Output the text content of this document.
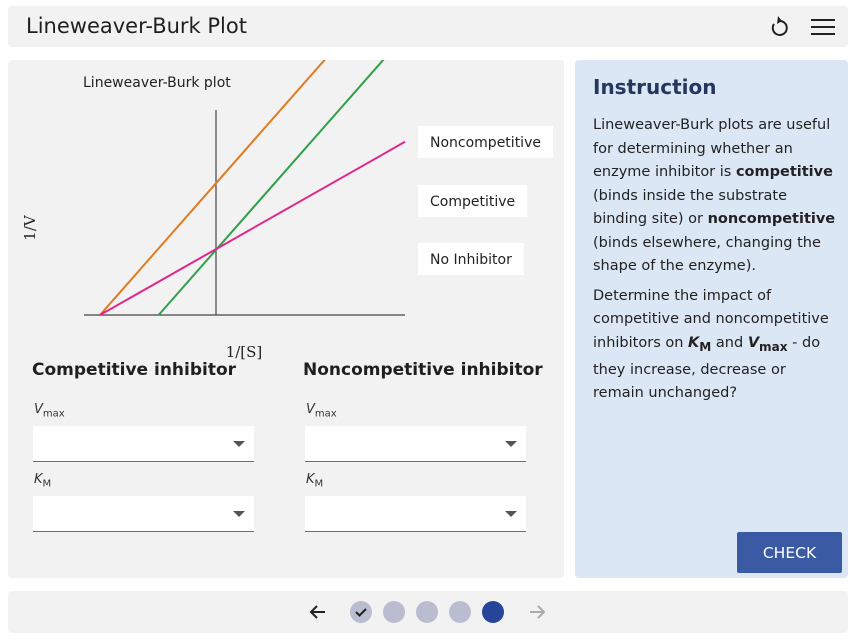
Lineweaver-Burk Plot
Lineweaver-Burk plot
1/V
1/[S]
Noncompetitive
Competitive
No Inhibitor
Competitive inhibitor
$V_{max}$
$K_M$
Noncompetitive inhibitor
$V_{max}$
$K_M$
Instruction

Lineweaver-Burk plots are useful for determining whether an enzyme inhibitor is competitive (binds inside the substrate binding site) or noncompetitive (binds elsewhere, changing the shape of the enzyme).

Determine the impact of competitive and noncompetitive inhibitors on $K_M$ and $V_{max}$ - do they increase, decrease or remain unchanged?

CHECK
